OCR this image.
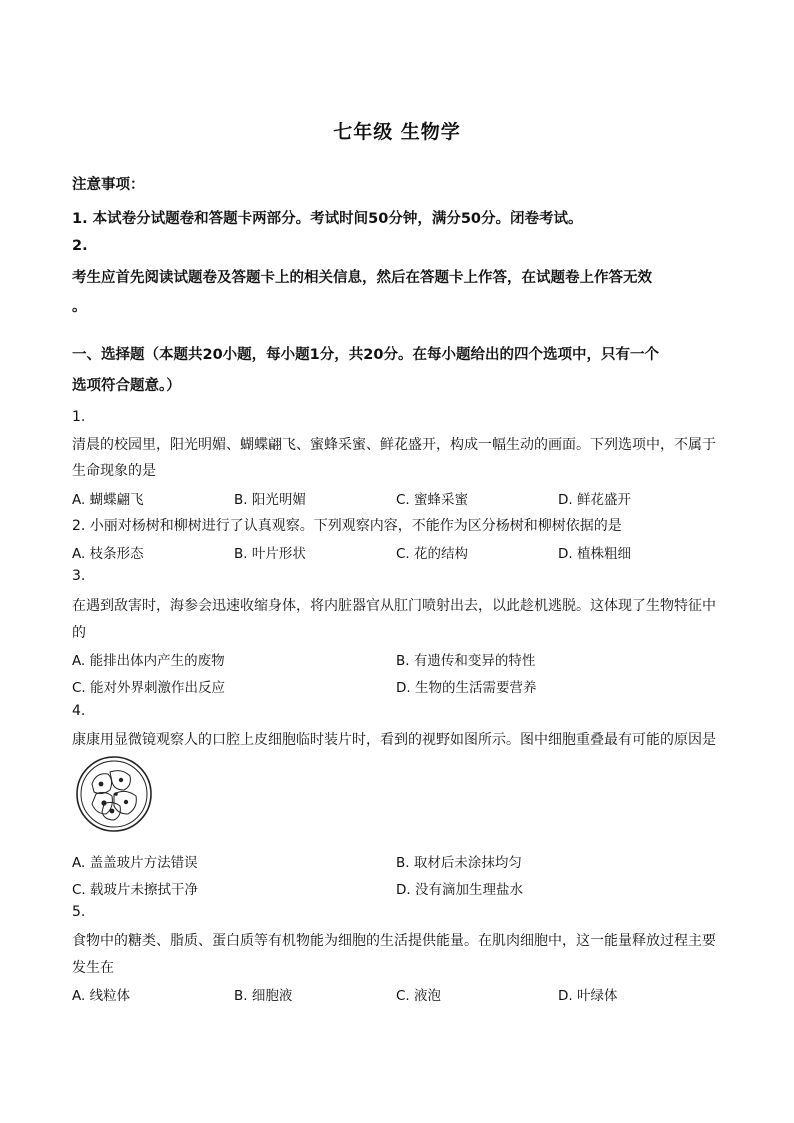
七年级 生物学
注意事项：
1. 本试卷分试题卷和答题卡两部分。考试时间50分钟，满分50分。闭卷考试。
2.
考生应首先阅读试题卷及答题卡上的相关信息，然后在答题卡上作答，在试题卷上作答无效
。
一、选择题（本题共20小题，每小题1分，共20分。在每小题给出的四个选项中，只有一个
选项符合题意。）
1.
清晨的校园里，阳光明媚、蝴蝶翩飞、蜜蜂采蜜、鲜花盛开，构成一幅生动的画面。下列选项中，不属于
生命现象的是
A. 蝴蝶翩飞	B. 阳光明媚	C. 蜜蜂采蜜	D. 鲜花盛开
2. 小丽对杨树和柳树进行了认真观察。下列观察内容，不能作为区分杨树和柳树依据的是
A. 枝条形态	B. 叶片形状	C. 花的结构	D. 植株粗细
3.
在遇到敌害时，海参会迅速收缩身体，将内脏器官从肛门喷射出去，以此趁机逃脱。这体现了生物特征中
的
A. 能排出体内产生的废物	B. 有遗传和变异的特性
C. 能对外界刺激作出反应	D. 生物的生活需要营养
4.
康康用显微镜观察人的口腔上皮细胞临时装片时，看到的视野如图所示。图中细胞重叠最有可能的原因是
A. 盖盖玻片方法错误	B. 取材后未涂抹均匀
C. 载玻片未擦拭干净	D. 没有滴加生理盐水
5.
食物中的糖类、脂质、蛋白质等有机物能为细胞的生活提供能量。在肌肉细胞中，这一能量释放过程主要
发生在
A. 线粒体	B. 细胞液	C. 液泡	D. 叶绿体
